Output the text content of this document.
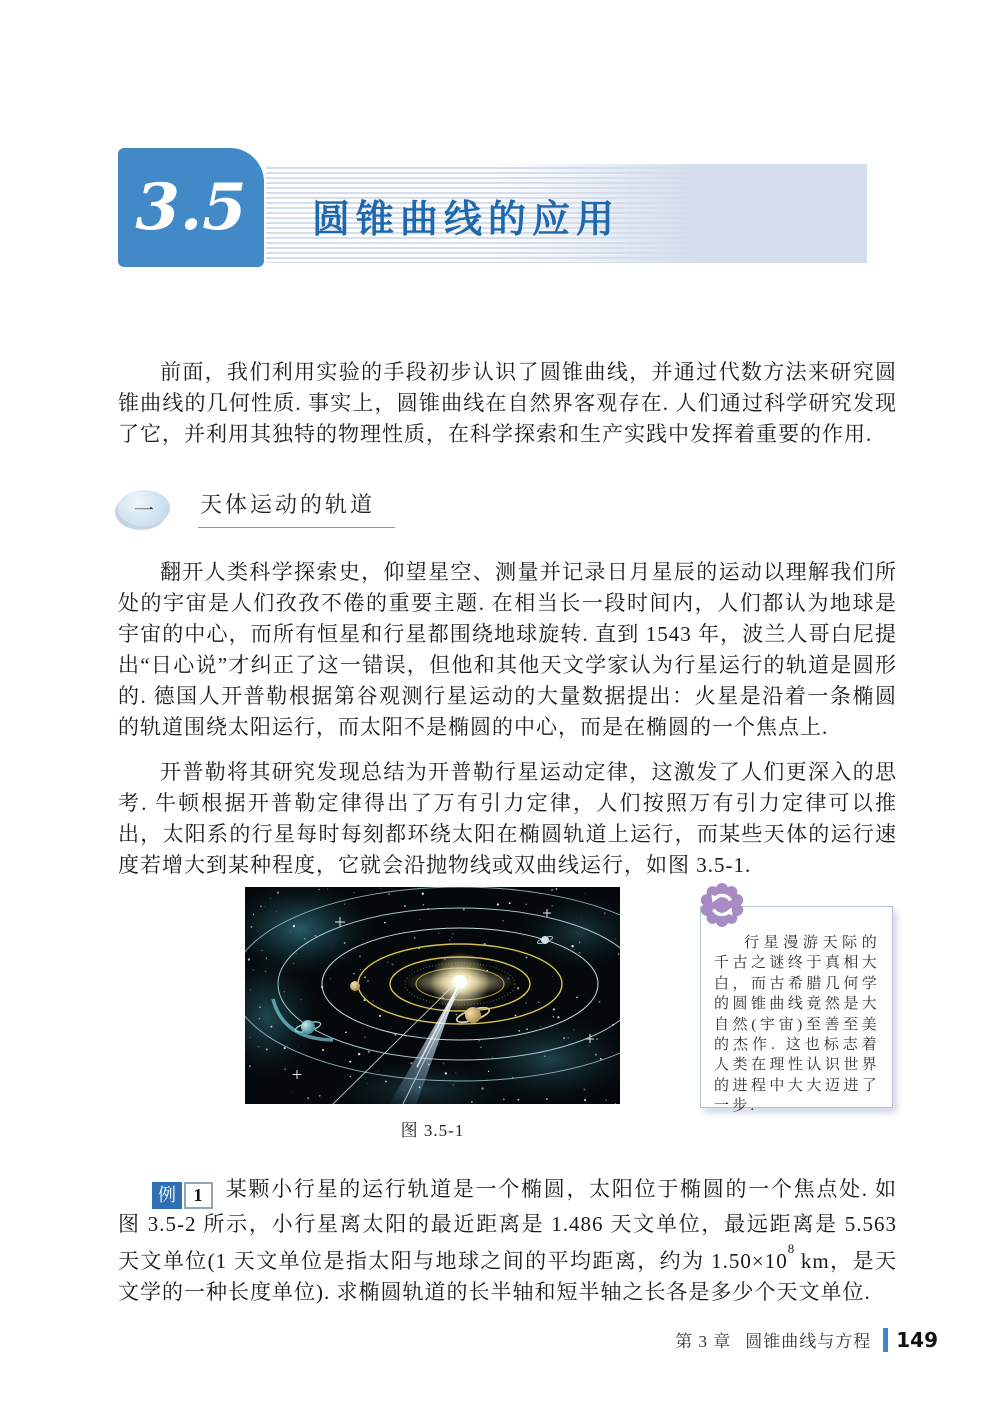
3.5 圆锥曲线的应用

前面，我们利用实验的手段初步认识了圆锥曲线，并通过代数方法来研究圆锥曲线的几何性质. 事实上，圆锥曲线在自然界客观存在. 人们通过科学研究发现了它，并利用其独特的物理性质，在科学探索和生产实践中发挥着重要的作用.

一 天体运动的轨道

翻开人类科学探索史，仰望星空、测量并记录日月星辰的运动以理解我们所处的宇宙是人们孜孜不倦的重要主题. 在相当长一段时间内，人们都认为地球是宇宙的中心，而所有恒星和行星都围绕地球旋转. 直到 1543 年，波兰人哥白尼提出“日心说”才纠正了这一错误，但他和其他天文学家认为行星运行的轨道是圆形的. 德国人开普勒根据第谷观测行星运动的大量数据提出：火星是沿着一条椭圆的轨道围绕太阳运行，而太阳不是椭圆的中心，而是在椭圆的一个焦点上.

开普勒将其研究发现总结为开普勒行星运动定律，这激发了人们更深入的思考. 牛顿根据开普勒定律得出了万有引力定律，人们按照万有引力定律可以推出，太阳系的行星每时每刻都环绕太阳在椭圆轨道上运行，而某些天体的运行速度若增大到某种程度，它就会沿抛物线或双曲线运行，如图 3.5-1.

图 3.5-1
行星漫游天际的千古之谜终于真相大白，而古希腊几何学的圆锥曲线竟然是大自然(宇宙)至善至美的杰作. 这也标志着人类在理性认识世界的进程中大大迈进了一步.

例 1 某颗小行星的运行轨道是一个椭圆，太阳位于椭圆的一个焦点处. 如图 3.5-2 所示，小行星离太阳的最近距离是 1.486 天文单位，最远距离是 5.563 天文单位(1 天文单位是指太阳与地球之间的平均距离，约为 $1.50\times 10^8$ km，是天文学的一种长度单位). 求椭圆轨道的长半轴和短半轴之长各是多少个天文单位.

第 3 章 圆锥曲线与方程 149
